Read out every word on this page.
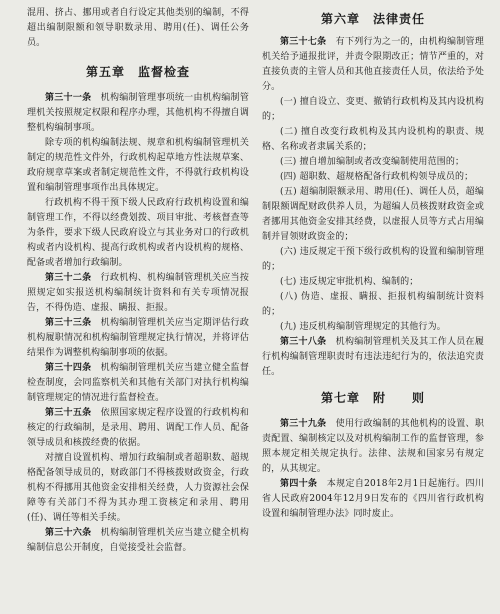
混用、挤占、挪用或者自行设定其他类别的编制，不得超出编制限额和领导职数录用、聘用(任)、调任公务员。

第五章　监督检查

第三十一条　机构编制管理事项统一由机构编制管理机关按照规定权限和程序办理，其他机构不得擅自调整机构编制事项。

除专项的机构编制法规、规章和机构编制管理机关制定的规范性文件外，行政机构起草地方性法规草案、政府规章草案或者制定规范性文件，不得就行政机构设置和编制管理事项作出具体规定。

行政机构不得干预下级人民政府行政机构设置和编制管理工作，不得以经费划拨、项目审批、考核督查等为条件，要求下级人民政府设立与其业务对口的行政机构或者内设机构、提高行政机构或者内设机构的规格、配备或者增加行政编制。

第三十二条　行政机构、机构编制管理机关应当按照规定如实报送机构编制统计资料和有关专项情况报告，不得伪造、虚报、瞒报、拒报。

第三十三条　机构编制管理机关应当定期评估行政机构履职情况和机构编制管理规定执行情况，并将评估结果作为调整机构编制事项的依据。

第三十四条　机构编制管理机关应当建立健全监督检查制度，会同监察机关和其他有关部门对执行机构编制管理规定的情况进行监督检查。

第三十五条　依照国家规定程序设置的行政机构和核定的行政编制，是录用、聘用、调配工作人员、配备领导成员和核拨经费的依据。

对擅自设置机构、增加行政编制或者超职数、超规格配备领导成员的，财政部门不得核拨财政资金，行政机构不得挪用其他资金安排相关经费，人力资源社会保障等有关部门不得为其办理工资核定和录用、聘用(任)、调任等相关手续。

第三十六条　机构编制管理机关应当建立健全机构编制信息公开制度，自觉接受社会监督。

第六章　法律责任

第三十七条　有下列行为之一的，由机构编制管理机关给予通报批评，并责令限期改正；情节严重的，对直接负责的主管人员和其他直接责任人员，依法给予处分。

(一) 擅自设立、变更、撤销行政机构及其内设机构的；

(二) 擅自改变行政机构及其内设机构的职责、规格、名称或者隶属关系的；

(三) 擅自增加编制或者改变编制使用范围的；

(四) 超职数、超规格配备行政机构领导成员的；

(五) 超编制限额录用、聘用(任)、调任人员，超编制限额调配财政供养人员，为超编人员核拨财政资金或者挪用其他资金安排其经费，以虚报人员等方式占用编制并冒领财政资金的；

(六) 违反规定干预下级行政机构的设置和编制管理的；

(七) 违反规定审批机构、编制的；

(八) 伪造、虚报、瞒报、拒报机构编制统计资料的；

(九) 违反机构编制管理规定的其他行为。

第三十八条　机构编制管理机关及其工作人员在履行机构编制管理职责时有违法违纪行为的，依法追究责任。

第七章　附　　则

第三十九条　使用行政编制的其他机构的设置、职责配置、编制核定以及对机构编制工作的监督管理，参照本规定相关规定执行。法律、法规和国家另有规定的，从其规定。

第四十条　本规定自2018年2月1日起施行。四川省人民政府2004年12月9日发布的《四川省行政机构设置和编制管理办法》同时废止。
